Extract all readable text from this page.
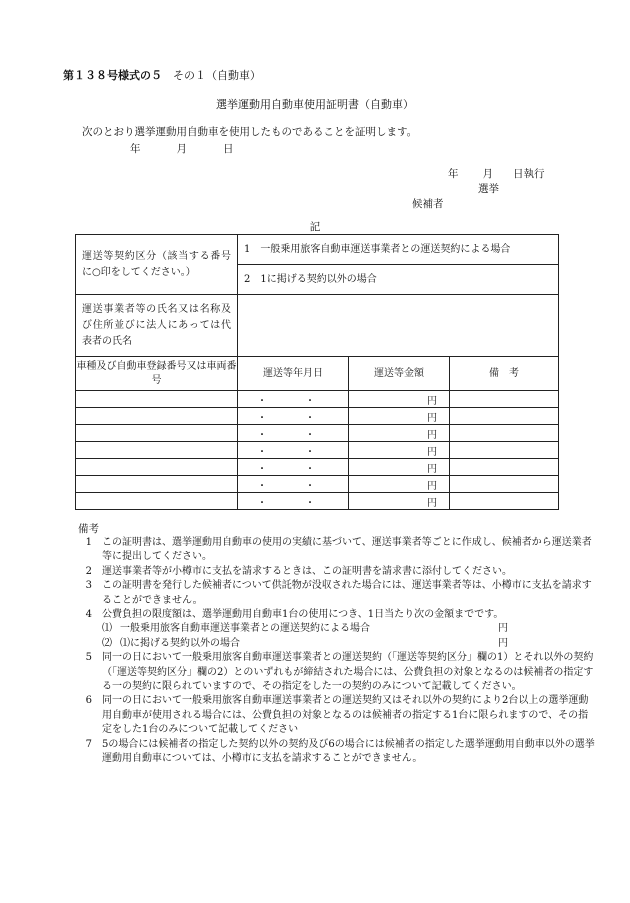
第１３８号様式の５　 その１（自動車）
選挙運動用自動車使用証明書（自動車）
次のとおり選挙運動用自動車を使用したものであることを証明します。
年	月	日
年 月 日執行
選挙
候補者
記
運送等契約区分（該当する番号に○印をしてください。）	1　一般乗用旅客自動車運送事業者との運送契約による場合		
	2　1に掲げる契約以外の場合		
運送事業者等の氏名又は名称及び住所並びに法人にあっては代表者の氏名			
車種及び自動車登録番号又は車両番号	運送等年月日	運送等金額	備　考
	・　・	円	
	・　・	円	
	・　・	円	
	・　・	円	
	・　・	円	
	・　・	円	
	・　・	円	
備考
1 この証明書は、選挙運動用自動車の使用の実績に基づいて、運送事業者等ごとに作成し、候補者から運送業者等に提出してください。
2 運送事業者等が小樽市に支払を請求するときは、この証明書を請求書に添付してください。
3 この証明書を発行した候補者について供託物が没収された場合には、運送事業者等は、小樽市に支払を請求することができません。
4 公費負担の限度額は、選挙運動用自動車1台の使用につき、1日当たり次の金額までです。
⑴ 一般乗用旅客自動車運送事業者との運送契約による場合	円
⑵ ⑴に掲げる契約以外の場合	円
5 同一の日において一般乗用旅客自動車運送事業者との運送契約（「運送等契約区分」欄の1）とそれ以外の契約（「運送等契約区分」欄の2）とのいずれもが締結された場合には、公費負担の対象となるのは候補者の指定する一の契約に限られていますので、その指定をした一の契約のみについて記載してください。
6 同一の日において一般乗用旅客自動車運送事業者との運送契約又はそれ以外の契約により2台以上の選挙運動用自動車が使用される場合には、公費負担の対象となるのは候補者の指定する1台に限られますので、その指定をした1台のみについて記載してください
7 5の場合には候補者の指定した契約以外の契約及び6の場合には候補者の指定した選挙運動用自動車以外の選挙運動用自動車については、小樽市に支払を請求することができません。
